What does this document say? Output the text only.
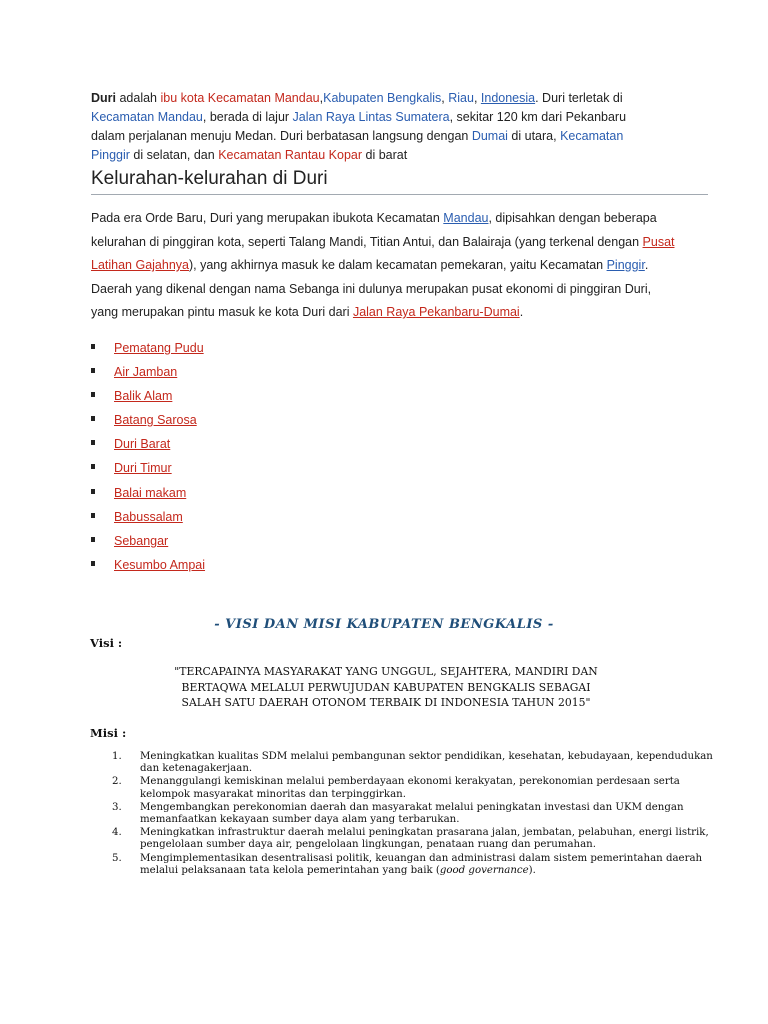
Duri adalah ibu kota Kecamatan Mandau,Kabupaten Bengkalis, Riau, Indonesia. Duri terletak di Kecamatan Mandau, berada di lajur Jalan Raya Lintas Sumatera, sekitar 120 km dari Pekanbaru dalam perjalanan menuju Medan. Duri berbatasan langsung dengan Dumai di utara, Kecamatan Pinggir di selatan, dan Kecamatan Rantau Kopar di barat
Kelurahan-kelurahan di Duri
Pada era Orde Baru, Duri yang merupakan ibukota Kecamatan Mandau, dipisahkan dengan beberapa kelurahan di pinggiran kota, seperti Talang Mandi, Titian Antui, dan Balairaja (yang terkenal dengan Pusat Latihan Gajahnya), yang akhirnya masuk ke dalam kecamatan pemekaran, yaitu Kecamatan Pinggir. Daerah yang dikenal dengan nama Sebanga ini dulunya merupakan pusat ekonomi di pinggiran Duri, yang merupakan pintu masuk ke kota Duri dari Jalan Raya Pekanbaru-Dumai.
Pematang Pudu
Air Jamban
Balik Alam
Batang Sarosa
Duri Barat
Duri Timur
Balai makam
Babussalam
Sebangar
Kesumbo Ampai
- VISI DAN MISI KABUPATEN BENGKALIS -
Visi :
"TERCAPAINYA MASYARAKAT YANG UNGGUL, SEJAHTERA, MANDIRI DAN BERTAQWA MELALUI PERWUJUDAN KABUPATEN BENGKALIS SEBAGAI SALAH SATU DAERAH OTONOM TERBAIK DI INDONESIA TAHUN 2015"
Misi :
1. Meningkatkan kualitas SDM melalui pembangunan sektor pendidikan, kesehatan, kebudayaan, kependudukan dan ketenagakerjaan.
2. Menanggulangi kemiskinan melalui pemberdayaan ekonomi kerakyatan, perekonomian perdesaan serta kelompok masyarakat minoritas dan terpinggirkan.
3. Mengembangkan perekonomian daerah dan masyarakat melalui peningkatan investasi dan UKM dengan memanfaatkan kekayaan sumber daya alam yang terbarukan.
4. Meningkatkan infrastruktur daerah melalui peningkatan prasarana jalan, jembatan, pelabuhan, energi listrik, pengelolaan sumber daya air, pengelolaan lingkungan, penataan ruang dan perumahan.
5. Mengimplementasikan desentralisasi politik, keuangan dan administrasi dalam sistem pemerintahan daerah melalui pelaksanaan tata kelola pemerintahan yang baik (good governance).
